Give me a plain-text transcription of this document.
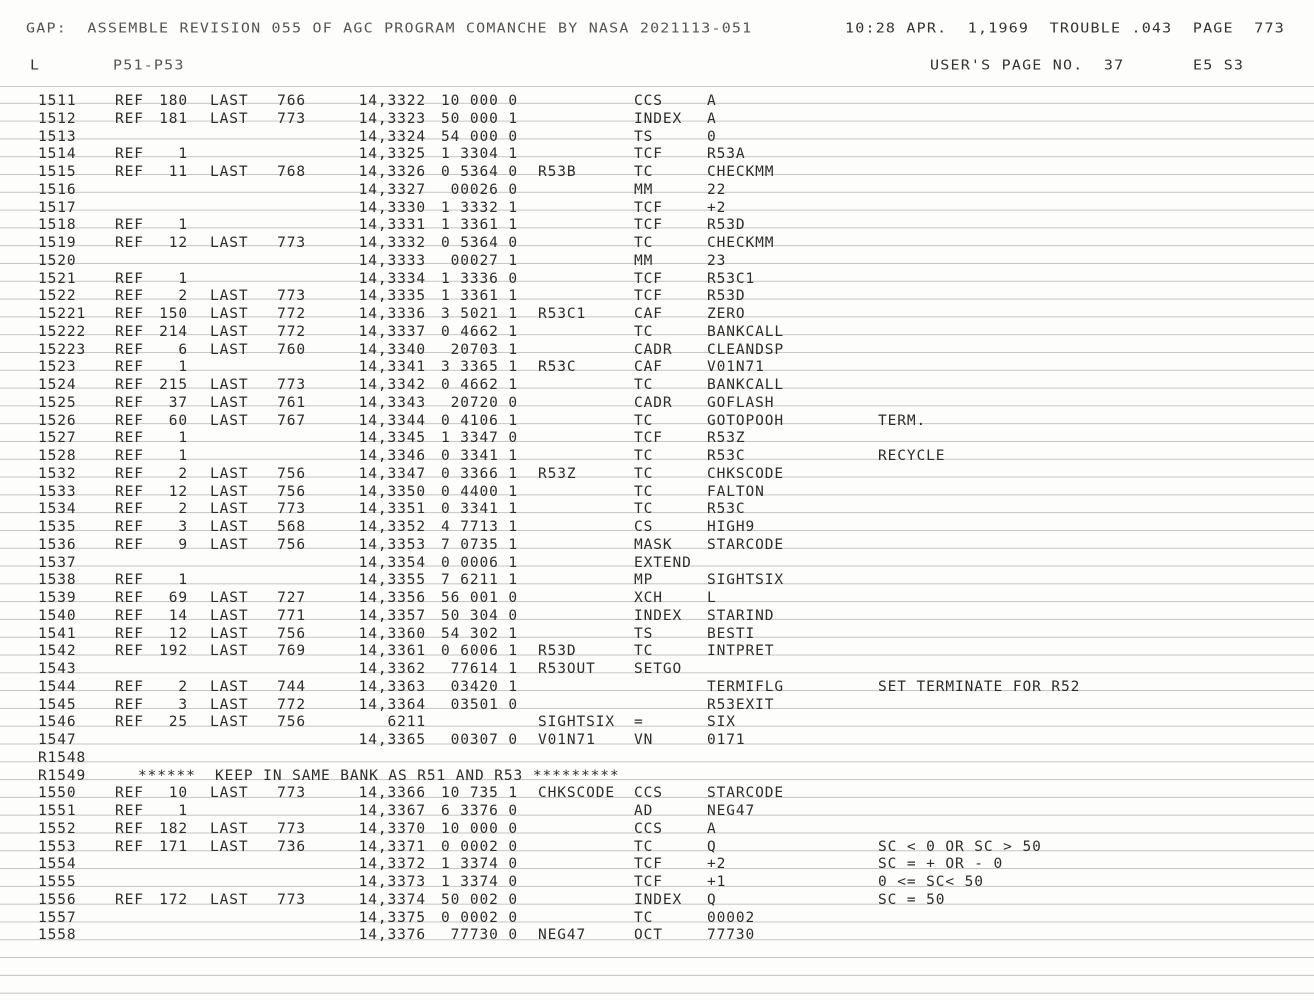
GAP:  ASSEMBLE REVISION 055 OF AGC PROGRAM COMANCHE BY NASA 2021113-051	10:28 APR.  1,1969  TROUBLE .043  PAGE  773
L	P51-P53	USER'S PAGE NO.  37	E5 S3
1511	REF	180 LAST	766	14,3322	10 000 0	CCS	A
1512	REF	181 LAST	773	14,3323	50 000 1	INDEX A
1513	14,3324	54 000 0	TS	0
1514	REF	1	14,3325	1 3304 1	TCF	R53A
1515	REF	11 LAST	768	14,3326	0 5364 0 R53B	TC	CHECKMM
1516	14,3327	00026 0	MM	22
1517	14,3330	1 3332 1	TCF	+2
1518	REF	1	14,3331	1 3361 1	TCF	R53D
1519	REF	12 LAST	773	14,3332	0 5364 0	TC	CHECKMM
1520	14,3333	00027 1	MM	23
1521	REF	1	14,3334	1 3336 0	TCF	R53C1
1522	REF	2 LAST	773	14,3335	1 3361 1	TCF	R53D
15221 REF	150 LAST	772	14,3336	3 5021 1 R53C1	CAF	ZERO
15222 REF	214 LAST	772	14,3337	0 4662 1	TC	BANKCALL
15223 REF	6 LAST	760	14,3340	20703 1	CADR CLEANDSP
1523	REF	1	14,3341	3 3365 1 R53C	CAF	V01N71
1524	REF	215 LAST	773	14,3342	0 4662 1	TC	BANKCALL
1525	REF	37 LAST	761	14,3343	20720 0	CADR GOFLASH
1526	REF	60 LAST	767	14,3344	0 4106 1	TC	GOTOPOOH	TERM.
1527	REF	1	14,3345	1 3347 0	TCF	R53Z
1528	REF	1	14,3346	0 3341 1	TC	R53C	RECYCLE
1532	REF	2 LAST	756	14,3347	0 3366 1 R53Z	TC	CHKSCODE
1533	REF	12 LAST	756	14,3350	0 4400 1	TC	FALTON
1534	REF	2 LAST	773	14,3351	0 3341 1	TC	R53C
1535	REF	3 LAST	568	14,3352	4 7713 1	CS	HIGH9
1536	REF	9 LAST	756	14,3353	7 0735 1	MASK STARCODE
1537	14,3354	0 0006 1	EXTEND
1538	REF	1	14,3355	7 6211 1	MP	SIGHTSIX
1539	REF	69 LAST	727	14,3356	56 001 0	XCH	L
1540	REF	14 LAST	771	14,3357	50 304 0	INDEX STARIND
1541	REF	12 LAST	756	14,3360	54 302 1	TS	BESTI
1542	REF	192 LAST	769	14,3361	0 6006 1 R53D	TC	INTPRET
1543	14,3362	77614 1 R53OUT	SETGO
1544	REF	2 LAST	744	14,3363	03420 1	TERMIFLG	SET TERMINATE FOR R52
1545	REF	3 LAST	772	14,3364	03501 0	R53EXIT
1546	REF	25 LAST	756	6211	SIGHTSIX =	SIX
1547	14,3365	00307 0 V01N71	VN	0171
R1548
R1549	******  KEEP IN SAME BANK AS R51 AND R53 *********
1550	REF	10 LAST	773	14,3366	10 735 1 CHKSCODE CCS	STARCODE
1551	REF	1	14,3367	6 3376 0	AD	NEG47
1552	REF	182 LAST	773	14,3370	10 000 0	CCS	A
1553	REF	171 LAST	736	14,3371	0 0002 0	TC	Q	SC < 0 OR SC > 50
1554	14,3372	1 3374 0	TCF	+2	SC = + OR - 0
1555	14,3373	1 3374 0	TCF	+1	0 <= SC< 50
1556	REF	172 LAST	773	14,3374	50 002 0	INDEX Q	SC = 50
1557	14,3375	0 0002 0	TC	00002
1558	14,3376	77730 0 NEG47	OCT	77730
